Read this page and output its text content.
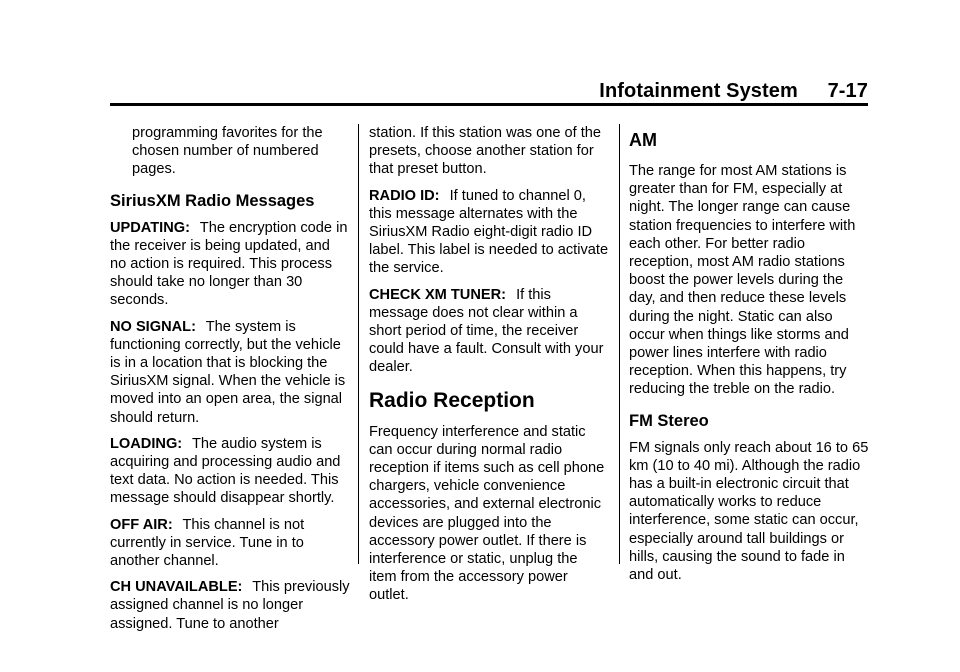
Infotainment System 7-17

programming favorites for the
chosen number of numbered
pages.

SiriusXM Radio Messages

UPDATING: The encryption code in the receiver is being updated, and no action is required. This process should take no longer than 30 seconds.

NO SIGNAL: The system is functioning correctly, but the vehicle is in a location that is blocking the SiriusXM signal. When the vehicle is moved into an open area, the signal should return.

LOADING: The audio system is acquiring and processing audio and text data. No action is needed. This message should disappear shortly.

OFF AIR: This channel is not currently in service. Tune in to another channel.

CH UNAVAILABLE: This previously assigned channel is no longer assigned. Tune to another

station. If this station was one of the presets, choose another station for that preset button.

RADIO ID: If tuned to channel 0, this message alternates with the SiriusXM Radio eight-digit radio ID label. This label is needed to activate the service.

CHECK XM TUNER: If this message does not clear within a short period of time, the receiver could have a fault. Consult with your dealer.

Radio Reception

Frequency interference and static can occur during normal radio reception if items such as cell phone chargers, vehicle convenience accessories, and external electronic devices are plugged into the accessory power outlet. If there is interference or static, unplug the item from the accessory power outlet.

AM

The range for most AM stations is greater than for FM, especially at night. The longer range can cause station frequencies to interfere with each other. For better radio reception, most AM radio stations boost the power levels during the day, and then reduce these levels during the night. Static can also occur when things like storms and power lines interfere with radio reception. When this happens, try reducing the treble on the radio.

FM Stereo

FM signals only reach about 16 to 65 km (10 to 40 mi). Although the radio has a built-in electronic circuit that automatically works to reduce interference, some static can occur, especially around tall buildings or hills, causing the sound to fade in and out.
